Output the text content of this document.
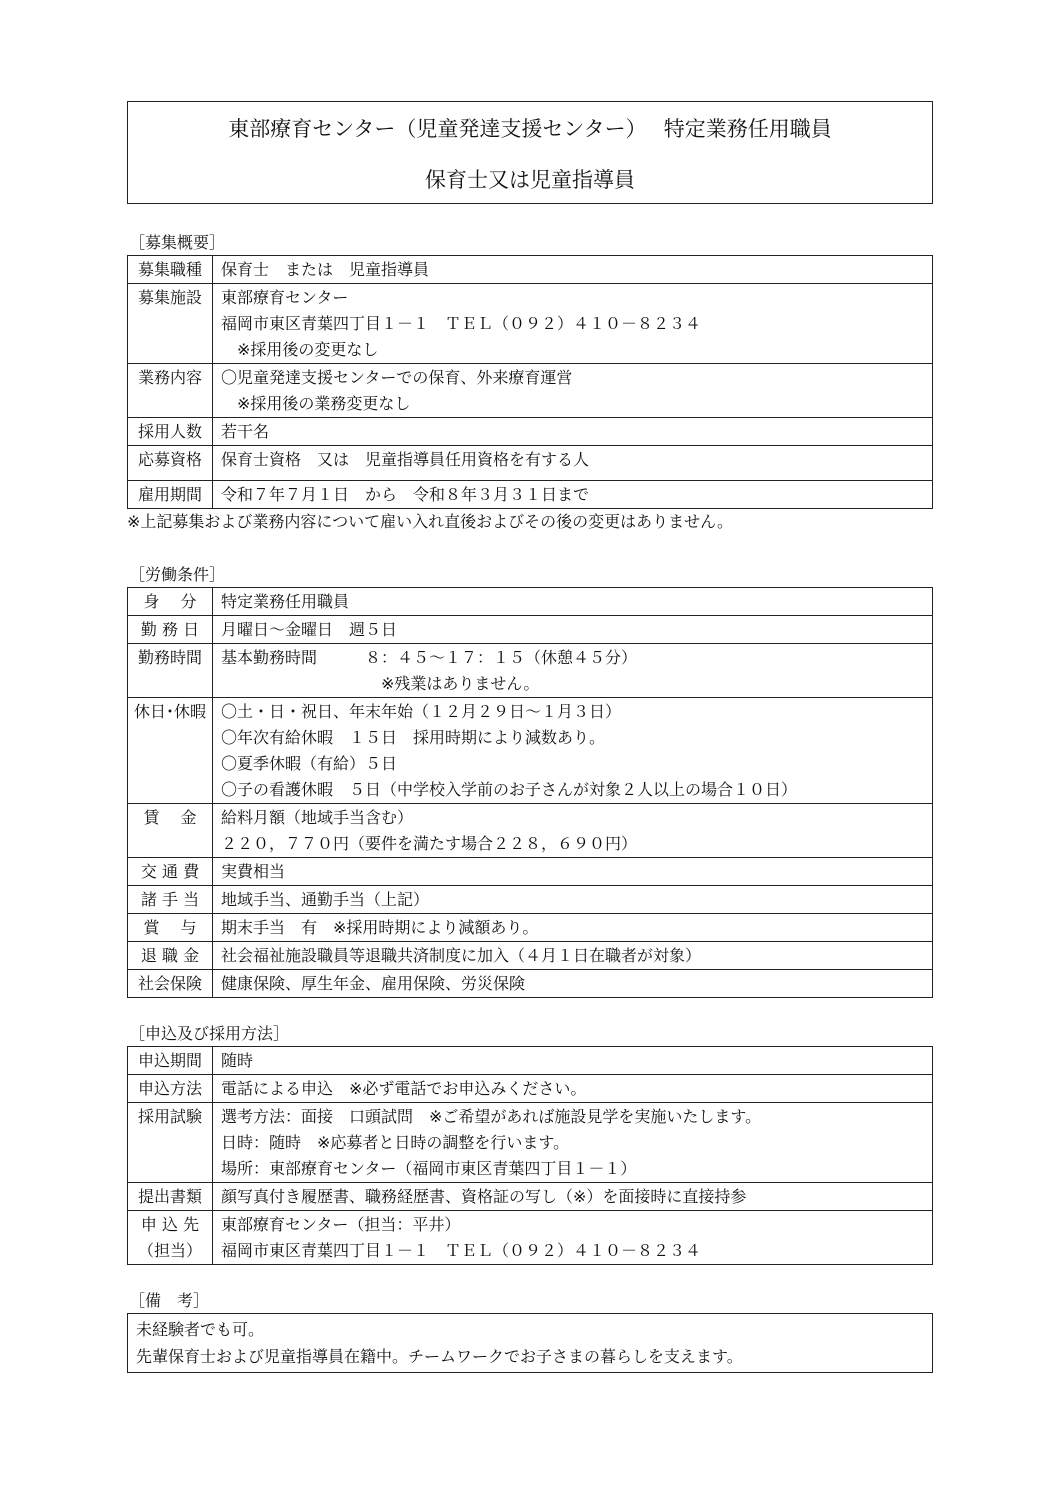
東部療育センター（児童発達支援センター）　 特定業務任用職員
保育士又は児童指導員
［募集概要］
募集職種	保育士　または　児童指導員

募集施設	東部療育センター
福岡市東区青葉四丁目１－１　ＴＥＬ（０９２）４１０－８２３４
　※採用後の変更なし

業務内容	〇児童発達支援センターでの保育、外来療育運営
　※採用後の業務変更なし

採用人数	若干名

応募資格	保育士資格　又は　児童指導員任用資格を有する人

雇用期間	令和７年７月１日　から　令和８年３月３１日まで
※上記募集および業務内容について雇い入れ直後およびその後の変更はありません。
［労働条件］
身　 分	特定業務任用職員

勤 務 日	月曜日～金曜日　週５日

勤務時間	基本勤務時間　　　８：４５～１７：１５（休憩４５分）
　　　　　　　　　　※残業はありません。

休日･休暇	〇土・日・祝日、年末年始（１２月２９日～１月３日）
〇年次有給休暇　１５日　採用時期により減数あり。
〇夏季休暇（有給）５日
〇子の看護休暇　５日（中学校入学前のお子さんが対象２人以上の場合１０日）

賃　 金	給料月額（地域手当含む）
２２０，７７０円（要件を満たす場合２２８，６９０円）

交 通 費	実費相当

諸 手 当	地域手当、通勤手当（上記）

賞　 与	期末手当　有　※採用時期により減額あり。

退 職 金	社会福祉施設職員等退職共済制度に加入（４月１日在職者が対象）

社会保険	健康保険、厚生年金、雇用保険、労災保険
［申込及び採用方法］
申込期間	随時

申込方法	電話による申込　※必ず電話でお申込みください。

採用試験	選考方法：面接　口頭試問　※ご希望があれば施設見学を実施いたします。
日時：随時　※応募者と日時の調整を行います。
場所：東部療育センター（福岡市東区青葉四丁目１－１）

提出書類	顔写真付き履歴書、職務経歴書、資格証の写し（※）を面接時に直接持参

申 込 先
（担当）	東部療育センター（担当：平井）
福岡市東区青葉四丁目１－１　ＴＥＬ（０９２）４１０－８２３４
［備　考］
未経験者でも可。
先輩保育士および児童指導員在籍中。チームワークでお子さまの暮らしを支えます。
